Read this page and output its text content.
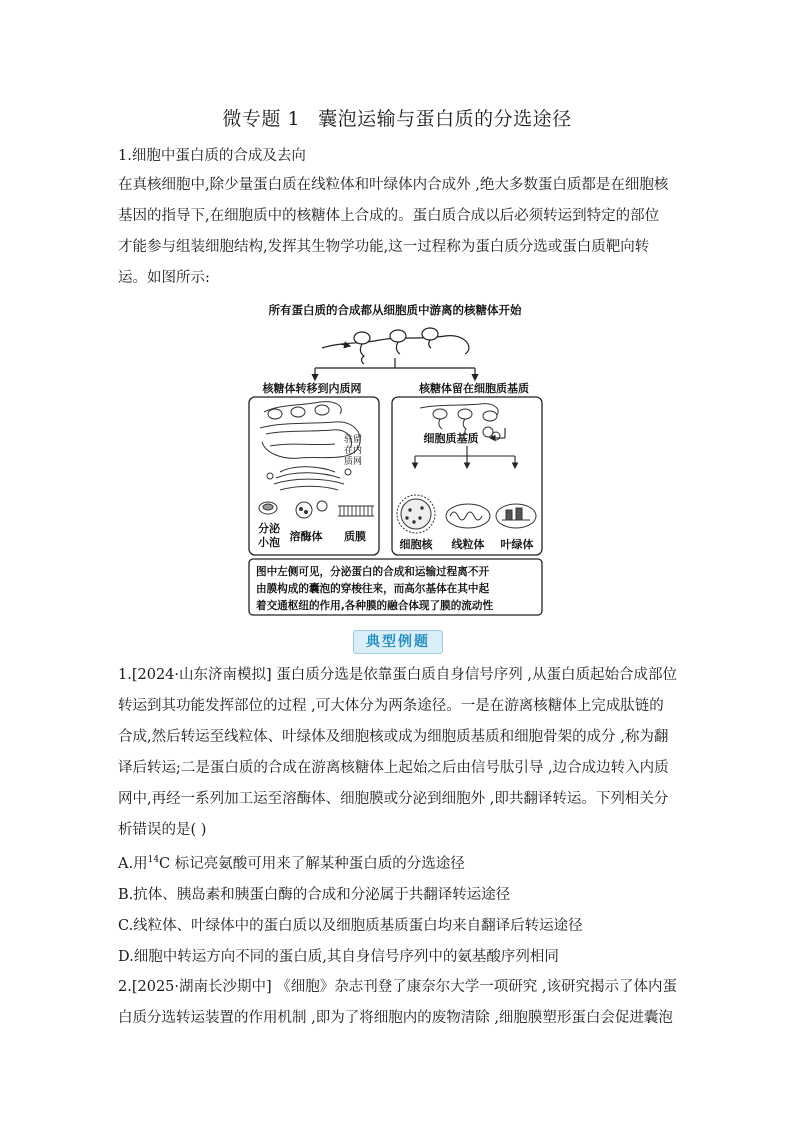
微专题 1 囊泡运输与蛋白质的分选途径
1.细胞中蛋白质的合成及去向

在真核细胞中,除少量蛋白质在线粒体和叶绿体内合成外 ,绝大多数蛋白质都是在细胞核

基因的指导下,在细胞质中的核糖体上合成的。蛋白质合成以后必须转运到特定的部位

才能参与组装细胞结构,发挥其生物学功能,这一过程称为蛋白质分选或蛋白质靶向转

运。如图所示:

所有蛋白质的合成都从细胞质中游离的核糖体开始
核糖体转移到内质网	核糖体留在细胞质基质
驻留
在内
质网
分泌
小泡 溶酶体 质膜
细胞质基质
细胞核 线粒体 叶绿体
图中左侧可见，分泌蛋白的合成和运输过程离不开
由膜构成的囊泡的穿梭往来，而高尔基体在其中起
着交通枢纽的作用,各种膜的融合体现了膜的流动性
典型例题

1.[2024·山东济南模拟] 蛋白质分选是依靠蛋白质自身信号序列 ,从蛋白质起始合成部位

转运到其功能发挥部位的过程 ,可大体分为两条途径。一是在游离核糖体上完成肽链的

合成,然后转运至线粒体、叶绿体及细胞核或成为细胞质基质和细胞骨架的成分 ,称为翻

译后转运;二是蛋白质的合成在游离核糖体上起始之后由信号肽引导 ,边合成边转入内质

网中,再经一系列加工运至溶酶体、细胞膜或分泌到细胞外 ,即共翻译转运。下列相关分

析错误的是( )

A.用$^{14}$C 标记亮氨酸可用来了解某种蛋白质的分选途径
B.抗体、胰岛素和胰蛋白酶的合成和分泌属于共翻译转运途径
C.线粒体、叶绿体中的蛋白质以及细胞质基质蛋白均来自翻译后转运途径
D.细胞中转运方向不同的蛋白质,其自身信号序列中的氨基酸序列相同

2.[2025·湖南长沙期中] 《细胞》杂志刊登了康奈尔大学一项研究 ,该研究揭示了体内蛋

白质分选转运装置的作用机制 ,即为了将细胞内的废物清除 ,细胞膜塑形蛋白会促进囊泡
